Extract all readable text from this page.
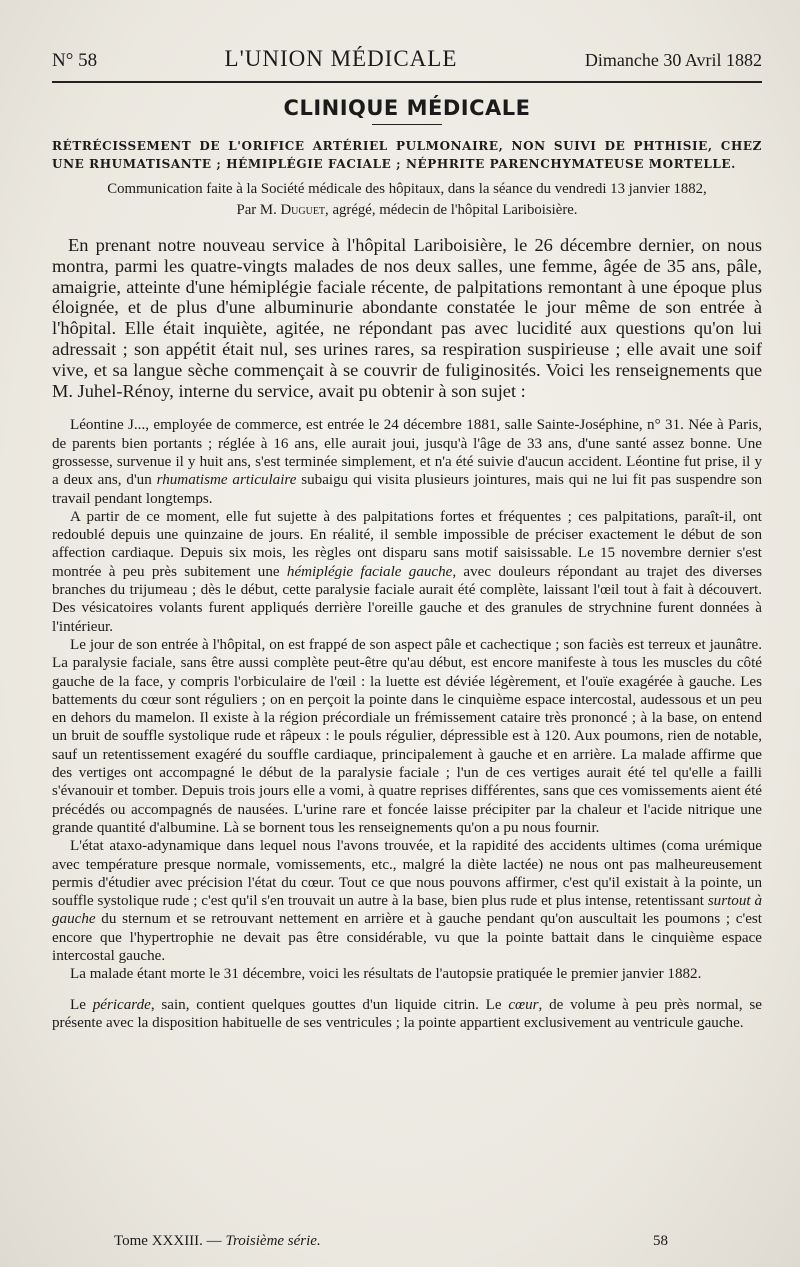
N° 58	L'UNION MÉDICALE	Dimanche 30 Avril 1882
CLINIQUE MÉDICALE
RÉTRÉCISSEMENT DE L'ORIFICE ARTÉRIEL PULMONAIRE, NON SUIVI DE PHTHISIE, CHEZ UNE RHUMATISANTE ; HÉMIPLÉGIE FACIALE ; NÉPHRITE PARENCHYMATEUSE MORTELLE.
Communication faite à la Société médicale des hôpitaux, dans la séance du vendredi 13 janvier 1882,
Par M. Duguet, agrégé, médecin de l'hôpital Lariboisière.
En prenant notre nouveau service à l'hôpital Lariboisière, le 26 décembre dernier, on nous montra, parmi les quatre-vingts malades de nos deux salles, une femme, âgée de 35 ans, pâle, amaigrie, atteinte d'une hémiplégie faciale récente, de palpitations remontant à une époque plus éloignée, et de plus d'une albuminurie abondante constatée le jour même de son entrée à l'hôpital. Elle était inquiète, agitée, ne répondant pas avec lucidité aux questions qu'on lui adressait ; son appétit était nul, ses urines rares, sa respiration suspirieuse ; elle avait une soif vive, et sa langue sèche commençait à se couvrir de fuliginosités. Voici les renseignements que M. Juhel-Rénoy, interne du service, avait pu obtenir à son sujet :

Léontine J..., employée de commerce, est entrée le 24 décembre 1881, salle Sainte-Joséphine, n° 31. Née à Paris, de parents bien portants ; réglée à 16 ans, elle aurait joui, jusqu'à l'âge de 33 ans, d'une santé assez bonne. Une grossesse, survenue il y huit ans, s'est terminée simplement, et n'a été suivie d'aucun accident. Léontine fut prise, il y a deux ans, d'un rhumatisme articulaire subaigu qui visita plusieurs jointures, mais qui ne lui fit pas suspendre son travail pendant longtemps.

A partir de ce moment, elle fut sujette à des palpitations fortes et fréquentes ; ces palpitations, paraît-il, ont redoublé depuis une quinzaine de jours. En réalité, il semble impossible de préciser exactement le début de son affection cardiaque. Depuis six mois, les règles ont disparu sans motif saisissable. Le 15 novembre dernier s'est montrée à peu près subitement une hémiplégie faciale gauche, avec douleurs répondant au trajet des diverses branches du trijumeau ; dès le début, cette paralysie faciale aurait été complète, laissant l'œil tout à fait à découvert. Des vésicatoires volants furent appliqués derrière l'oreille gauche et des granules de strychnine furent données à l'intérieur.

Le jour de son entrée à l'hôpital, on est frappé de son aspect pâle et cachectique ; son faciès est terreux et jaunâtre. La paralysie faciale, sans être aussi complète peut-être qu'au début, est encore manifeste à tous les muscles du côté gauche de la face, y compris l'orbiculaire de l'œil : la luette est déviée légèrement, et l'ouïe exagérée à gauche. Les battements du cœur sont réguliers ; on en perçoit la pointe dans le cinquième espace intercostal, audessous et un peu en dehors du mamelon. Il existe à la région précordiale un frémissement cataire très prononcé ; à la base, on entend un bruit de souffle systolique rude et râpeux : le pouls régulier, dépressible est à 120. Aux poumons, rien de notable, sauf un retentissement exagéré du souffle cardiaque, principalement à gauche et en arrière. La malade affirme que des vertiges ont accompagné le début de la paralysie faciale ; l'un de ces vertiges aurait été tel qu'elle a failli s'évanouir et tomber. Depuis trois jours elle a vomi, à quatre reprises différentes, sans que ces vomissements aient été précédés ou accompagnés de nausées. L'urine rare et foncée laisse précipiter par la chaleur et l'acide nitrique une grande quantité d'albumine. Là se bornent tous les renseignements qu'on a pu nous fournir.

L'état ataxo-adynamique dans lequel nous l'avons trouvée, et la rapidité des accidents ultimes (coma urémique avec température presque normale, vomissements, etc., malgré la diète lactée) ne nous ont pas malheureusement permis d'étudier avec précision l'état du cœur. Tout ce que nous pouvons affirmer, c'est qu'il existait à la pointe, un souffle systolique rude ; c'est qu'il s'en trouvait un autre à la base, bien plus rude et plus intense, retentissant surtout à gauche du sternum et se retrouvant nettement en arrière et à gauche pendant qu'on auscultait les poumons ; c'est encore que l'hypertrophie ne devait pas être considérable, vu que la pointe battait dans le cinquième espace intercostal gauche.

La malade étant morte le 31 décembre, voici les résultats de l'autopsie pratiquée le premier janvier 1882.

Le péricarde, sain, contient quelques gouttes d'un liquide citrin. Le cœur, de volume à peu près normal, se présente avec la disposition habituelle de ses ventricules ; la pointe appartient exclusivement au ventricule gauche.

Tome XXXIII. — Troisième série.	58
